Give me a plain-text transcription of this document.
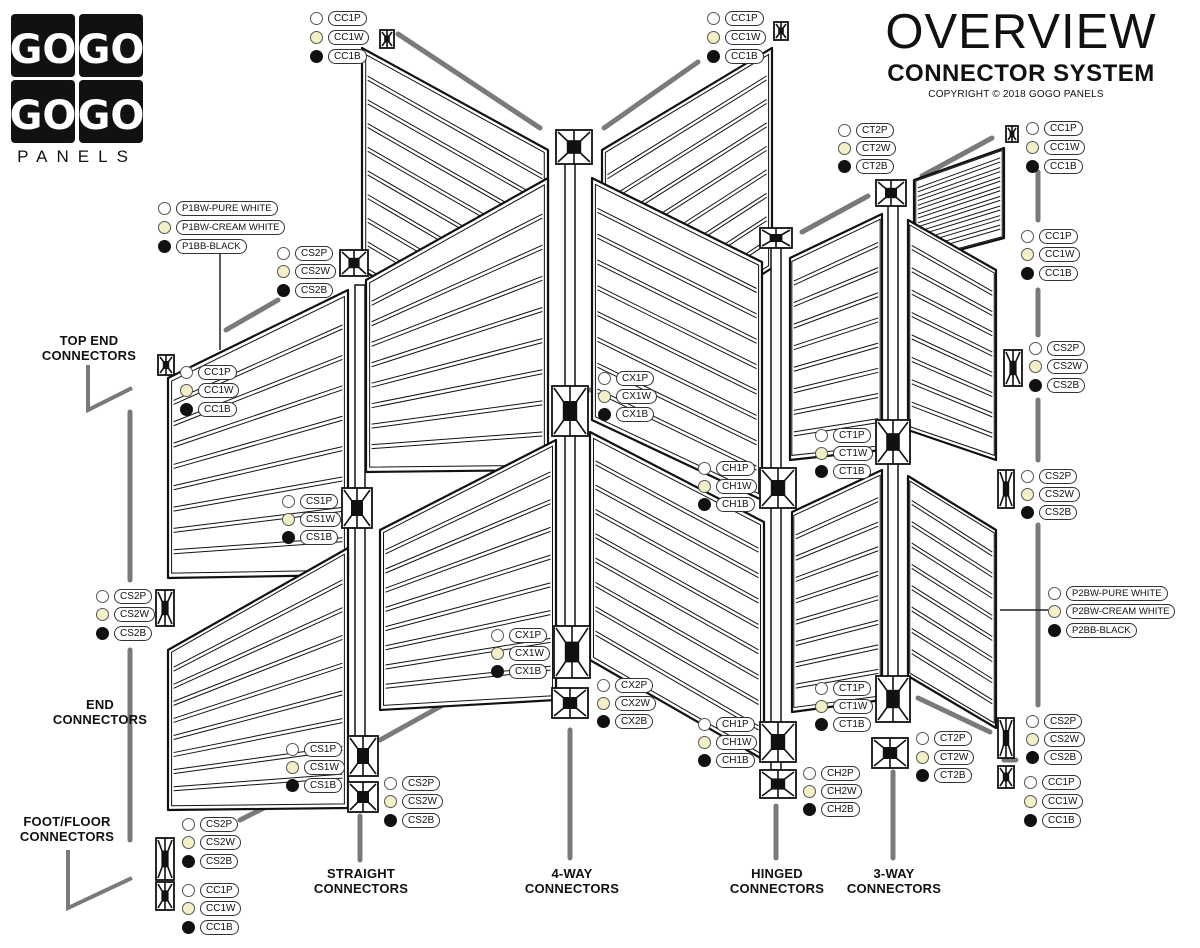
GO GO
GO GO
PANELS
OVERVIEW
CONNECTOR SYSTEM
COPYRIGHT © 2018 GOGO PANELS
TOP END
CONNECTORS
END
CONNECTORS
FOOT/FLOOR
CONNECTORS
STRAIGHT
CONNECTORS
4-WAY
CONNECTORS
HINGED
CONNECTORS
3-WAY
CONNECTORS
CC1P
CC1W
CC1B
CC1P
CC1W
CC1B
CC1P
CC1W
CC1B
CT2P
CT2W
CT2B
P1BW-PURE WHITE
P1BW-CREAM WHITE
P1BB-BLACK
CS2P
CS2W
CS2B
CC1P
CC1W
CC1B
CS2P
CS2W
CS2B
CC1P
CC1W
CC1B
CX1P
CX1W
CX1B
CT1P
CT1W
CT1B
CH1P
CH1W
CH1B
CS2P
CS2W
CS2B
CS1P
CS1W
CS1B
P2BW-PURE WHITE
P2BW-CREAM WHITE
P2BB-BLACK
CS2P
CS2W
CS2B	CX1P
CX1W
CX1B
CX2P
CX2W
CX2B
CT1P
CT1W
CT1B
CH1P
CH1W
CH1B
CS2P
CS2W
CS2B
CT2P
CT2W
CT2B
CS1P
CS1W
CS1B	CS2P
CS2W
CS2B
CH2P
CH2W
CH2B
CC1P
CC1W
CC1B
CS2P
CS2W
CS2B
CC1P
CC1W
CC1B
